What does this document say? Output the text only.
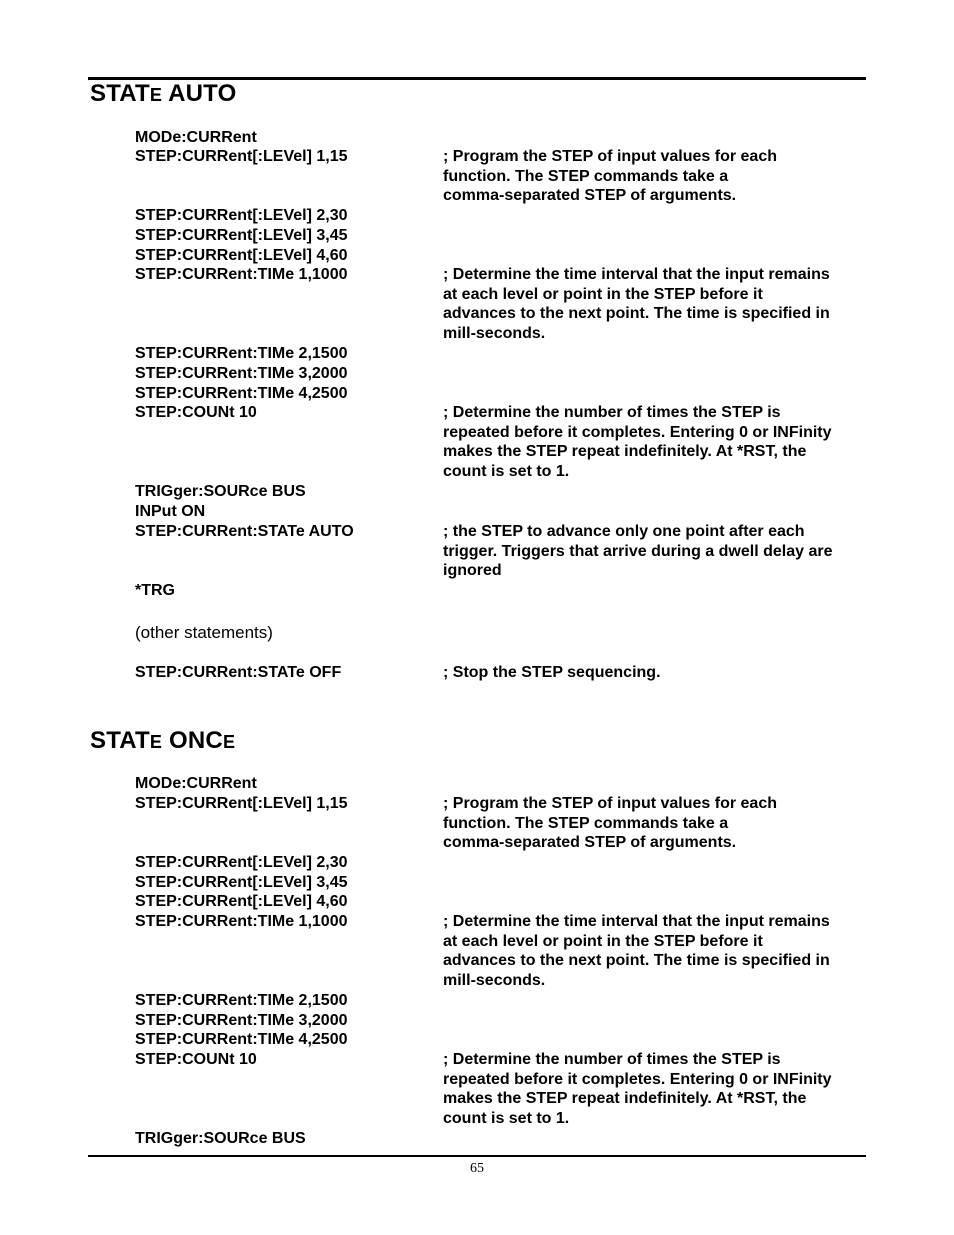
STATE AUTO
MODe:CURRent
STEP:CURRent[:LEVel] 1,15
STEP:CURRent[:LEVel] 2,30
STEP:CURRent[:LEVel] 3,45
STEP:CURRent[:LEVel] 4,60
STEP:CURRent:TIMe 1,1000
STEP:CURRent:TIMe 2,1500
STEP:CURRent:TIMe 3,2000
STEP:CURRent:TIMe 4,2500
STEP:COUNt 10
TRIGger:SOURce BUS
INPut ON
STEP:CURRent:STATe AUTO
*TRG
(other statements)
STEP:CURRent:STATe OFF
; Program the STEP of input values for each
function. The STEP commands take a
comma-separated STEP of arguments.
; Determine the time interval that the input remains
at each level or point in the STEP before it
advances to the next point. The time is specified in
mill-seconds.
; Determine the number of times the STEP is
repeated before it completes. Entering 0 or INFinity
makes the STEP repeat indefinitely. At *RST, the
count is set to 1.
; the STEP to advance only one point after each
trigger. Triggers that arrive during a dwell delay are
ignored
; Stop the STEP sequencing.
STATE ONCE
MODe:CURRent
STEP:CURRent[:LEVel] 1,15
STEP:CURRent[:LEVel] 2,30
STEP:CURRent[:LEVel] 3,45
STEP:CURRent[:LEVel] 4,60
STEP:CURRent:TIMe 1,1000
STEP:CURRent:TIMe 2,1500
STEP:CURRent:TIMe 3,2000
STEP:CURRent:TIMe 4,2500
STEP:COUNt 10
TRIGger:SOURce BUS
; Program the STEP of input values for each
function. The STEP commands take a
comma-separated STEP of arguments.
; Determine the time interval that the input remains
at each level or point in the STEP before it
advances to the next point. The time is specified in
mill-seconds.
; Determine the number of times the STEP is
repeated before it completes. Entering 0 or INFinity
makes the STEP repeat indefinitely. At *RST, the
count is set to 1.
65
